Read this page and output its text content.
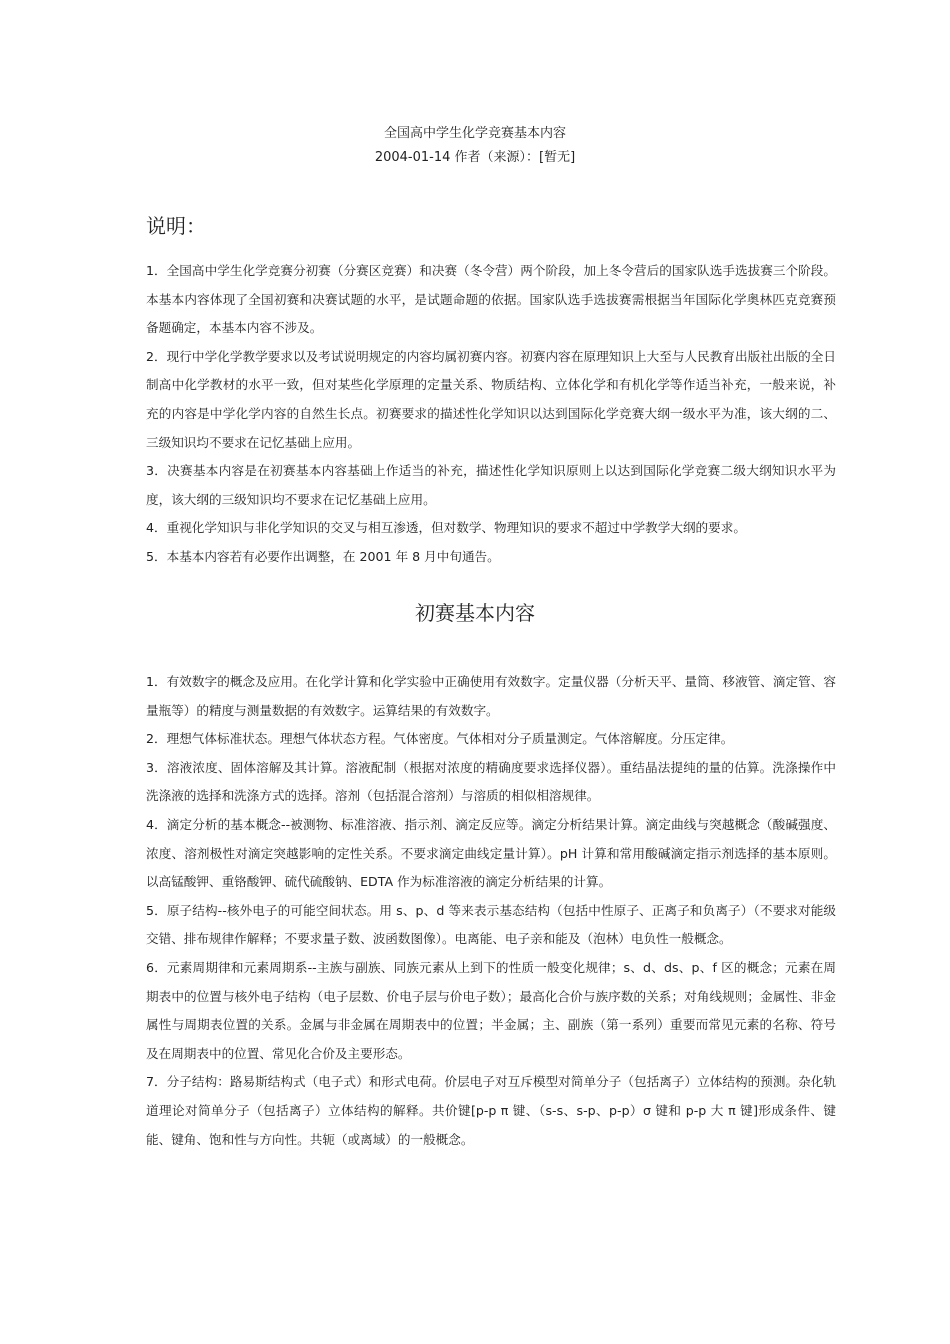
全国高中学生化学竞赛基本内容
2004-01-14 作者（来源）：[暂无]
说明：

1．全国高中学生化学竞赛分初赛（分赛区竞赛）和决赛（冬令营）两个阶段，加上冬令营后的国家队选手选拔赛三个阶段。本基本内容体现了全国初赛和决赛试题的水平，是试题命题的依据。国家队选手选拔赛需根据当年国际化学奥林匹克竞赛预备题确定，本基本内容不涉及。

2．现行中学化学教学要求以及考试说明规定的内容均属初赛内容。初赛内容在原理知识上大至与人民教育出版社出版的全日制高中化学教材的水平一致，但对某些化学原理的定量关系、物质结构、立体化学和有机化学等作适当补充，一般来说，补充的内容是中学化学内容的自然生长点。初赛要求的描述性化学知识以达到国际化学竞赛大纲一级水平为准，该大纲的二、三级知识均不要求在记忆基础上应用。

3．决赛基本内容是在初赛基本内容基础上作适当的补充，描述性化学知识原则上以达到国际化学竞赛二级大纲知识水平为度，该大纲的三级知识均不要求在记忆基础上应用。

4．重视化学知识与非化学知识的交叉与相互渗透，但对数学、物理知识的要求不超过中学教学大纲的要求。

5．本基本内容若有必要作出调整，在 2001 年 8 月中旬通告。

初赛基本内容

1．有效数字的概念及应用。在化学计算和化学实验中正确使用有效数字。定量仪器（分析天平、量筒、移液管、滴定管、容量瓶等）的精度与测量数据的有效数字。运算结果的有效数字。

2．理想气体标准状态。理想气体状态方程。气体密度。气体相对分子质量测定。气体溶解度。分压定律。

3．溶液浓度、固体溶解及其计算。溶液配制（根据对浓度的精确度要求选择仪器）。重结晶法提纯的量的估算。洗涤操作中洗涤液的选择和洗涤方式的选择。溶剂（包括混合溶剂）与溶质的相似相溶规律。

4．滴定分析的基本概念--被测物、标准溶液、指示剂、滴定反应等。滴定分析结果计算。滴定曲线与突越概念（酸碱强度、浓度、溶剂极性对滴定突越影响的定性关系。不要求滴定曲线定量计算）。pH 计算和常用酸碱滴定指示剂选择的基本原则。以高锰酸钾、重铬酸钾、硫代硫酸钠、EDTA 作为标准溶液的滴定分析结果的计算。

5．原子结构--核外电子的可能空间状态。用 s、p、d 等来表示基态结构（包括中性原子、正离子和负离子）（不要求对能级交错、排布规律作解释；不要求量子数、波函数图像）。电离能、电子亲和能及（泡林）电负性一般概念。

6．元素周期律和元素周期系--主族与副族、同族元素从上到下的性质一般变化规律；s、d、ds、p、f 区的概念；元素在周期表中的位置与核外电子结构（电子层数、价电子层与价电子数）；最高化合价与族序数的关系；对角线规则；金属性、非金属性与周期表位置的关系。金属与非金属在周期表中的位置；半金属；主、副族（第一系列）重要而常见元素的名称、符号及在周期表中的位置、常见化合价及主要形态。

7．分子结构：路易斯结构式（电子式）和形式电荷。价层电子对互斥模型对简单分子（包括离子）立体结构的预测。杂化轨道理论对简单分子（包括离子）立体结构的解释。共价键[p-p π 键、（s-s、s-p、p-p）σ 键和 p-p 大 π 键]形成条件、键能、键角、饱和性与方向性。共轭（或离域）的一般概念。
